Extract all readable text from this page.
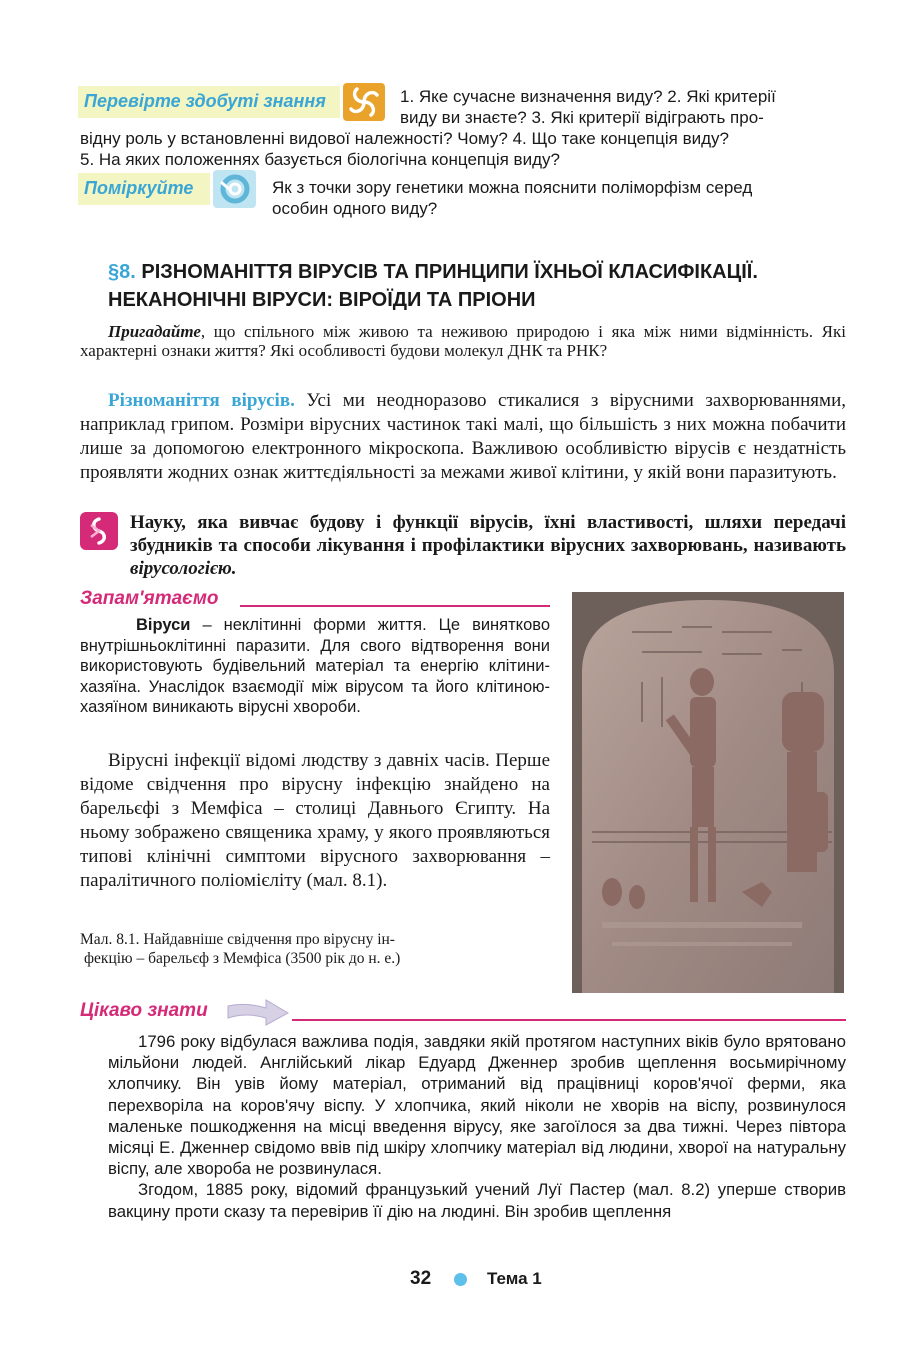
Перевірте здобуті знання	1. Яке сучасне визначення виду? 2. Які критерії
виду ви знаєте? 3. Які критерії відіграють про-
відну роль у встановленні видової належності? Чому? 4. Що таке концепція виду?
5. На яких положеннях базується біологічна концепція виду?
Поміркуйте	Як з точки зору генетики можна пояснити поліморфізм серед
особин одного виду?
§8. РІЗНОМАНІТТЯ ВІРУСІВ ТА ПРИНЦИПИ ЇХНЬОЇ КЛАСИФІКАЦІЇ.
НЕКАНОНІЧНІ ВІРУСИ: ВІРОЇДИ ТА ПРІОНИ
Пригадайте, що спільного між живою та неживою природою і яка між ними відмінність. Які характерні ознаки життя? Які особливості будови молекул ДНК та РНК?
Різноманіття вірусів. Усі ми неодноразово стикалися з вірусними захворюваннями, наприклад грипом. Розміри вірусних частинок такі малі, що більшість з них можна побачити лише за допомогою електронного мікроскопа. Важливою особливістю вірусів є нездатність проявляти жодних ознак життєдіяльності за межами живої клітини, у якій вони паразитують.
Науку, яка вивчає будову і функції вірусів, їхні властивості, шляхи передачі збудників та способи лікування і профілактики вірусних захворювань, називають вірусологією.
Запам'ятаємо
Віруси – неклітинні форми життя. Це винятково внутрішньоклітинні паразити. Для свого відтворення вони використовують будівельний матеріал та енергію клітини-хазяїна. Унаслідок взаємодії між вірусом та його клітиною-хазяїном виникають вірусні хвороби.
Вірусні інфекції відомі людству з давніх часів. Перше відоме свідчення про вірусну інфекцію знайдено на барельєфі з Мемфіса – столиці Давнього Єгипту. На ньому зображено священика храму, у якого проявляються типові клінічні симптоми вірусного захворювання – паралітичного поліомієліту (мал. 8.1).
Мал. 8.1. Найдавніше свідчення про вірусну ін-
фекцію – барельєф з Мемфіса (3500 рік до н. е.)
Цікаво знати

1796 року відбулася важлива подія, завдяки якій протягом наступних віків було врятовано мільйони людей. Англійський лікар Едуард Дженнер зробив щеплення восьмирічному хлопчику. Він увів йому матеріал, отриманий від працівниці коров'ячої ферми, яка перехворіла на коров'ячу віспу. У хлопчика, який ніколи не хворів на віспу, розвинулося маленьке пошкодження на місці введення вірусу, яке загоїлося за два тижні. Через півтора місяці Е. Дженнер свідомо ввів під шкіру хлопчику матеріал від людини, хворої на натуральну віспу, але хвороба не розвинулася.

Згодом, 1885 року, відомий французький учений Луї Пастер (мал. 8.2) уперше створив вакцину проти сказу та перевірив її дію на людині. Він зробив щеплення

32	Тема 1
